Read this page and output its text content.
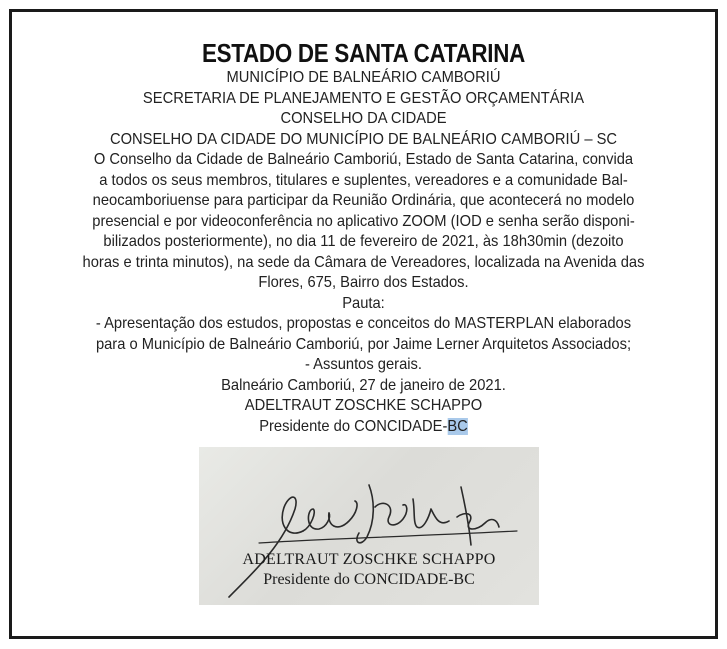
ESTADO DE SANTA CATARINA
MUNICÍPIO DE BALNEÁRIO CAMBORIÚ
SECRETARIA DE PLANEJAMENTO E GESTÃO ORÇAMENTÁRIA
CONSELHO DA CIDADE
CONSELHO DA CIDADE DO MUNICÍPIO DE BALNEÁRIO CAMBORIÚ – SC
O Conselho da Cidade de Balneário Camboriú, Estado de Santa Catarina, convida
a todos os seus membros, titulares e suplentes, vereadores e a comunidade Bal-
neocamboriuense para participar da Reunião Ordinária, que acontecerá no modelo
presencial e por videoconferência no aplicativo ZOOM (IOD e senha serão disponi-
bilizados posteriormente), no dia 11 de fevereiro de 2021, às 18h30min (dezoito
horas e trinta minutos), na sede da Câmara de Vereadores, localizada na Avenida das
Flores, 675, Bairro dos Estados.
Pauta:
- Apresentação dos estudos, propostas e conceitos do MASTERPLAN elaborados
para o Município de Balneário Camboriú, por Jaime Lerner Arquitetos Associados;
- Assuntos gerais.
Balneário Camboriú, 27 de janeiro de 2021.
ADELTRAUT ZOSCHKE SCHAPPO
Presidente do CONCIDADE-BC
ADELTRAUT ZOSCHKE SCHAPPO
Presidente do CONCIDADE-BC
